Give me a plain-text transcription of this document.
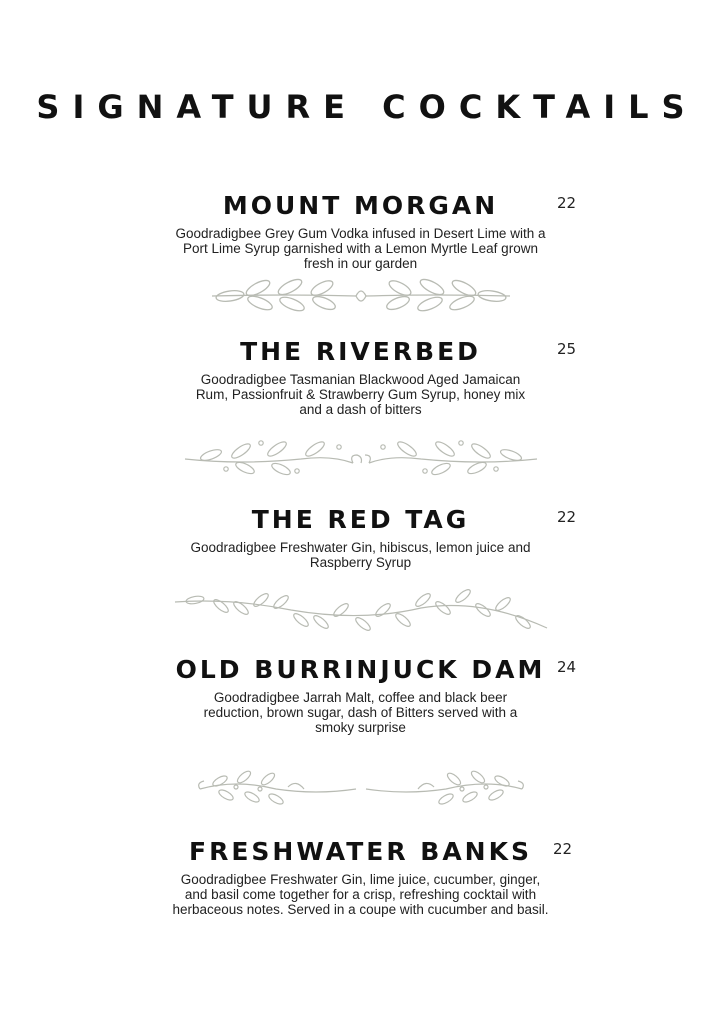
SIGNATURE COCKTAILS
MOUNT MORGAN	22

Goodradigbee Grey Gum Vodka infused in Desert Lime with a Port Lime Syrup garnished with a Lemon Myrtle Leaf grown fresh in our garden

THE RIVERBED	25

Goodradigbee Tasmanian Blackwood Aged Jamaican Rum, Passionfruit & Strawberry Gum Syrup, honey mix and a dash of bitters

THE RED TAG	22

Goodradigbee Freshwater Gin, hibiscus, lemon juice and Raspberry Syrup

OLD BURRINJUCK DAM 24

Goodradigbee Jarrah Malt, coffee and black beer reduction, brown sugar, dash of Bitters served with a smoky surprise

FRESHWATER BANKS	22

Goodradigbee Freshwater Gin, lime juice, cucumber, ginger, and basil come together for a crisp, refreshing cocktail with herbaceous notes. Served in a coupe with cucumber and basil.
